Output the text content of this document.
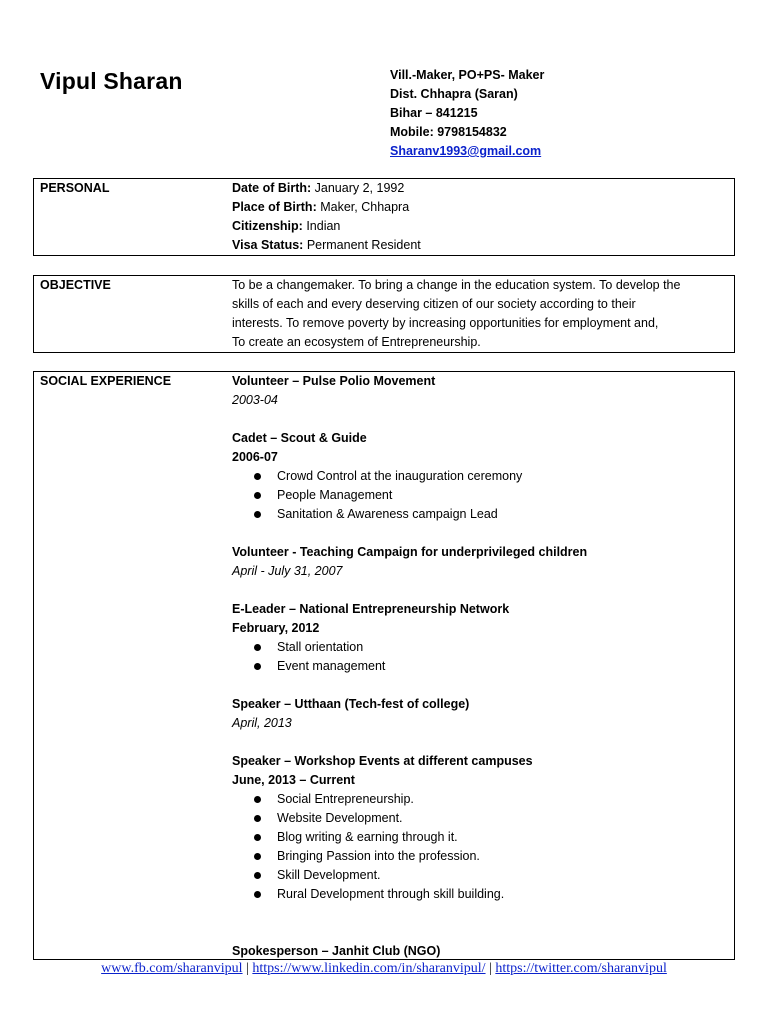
Vipul Sharan	Vill.-Maker, PO+PS- Maker
Dist. Chhapra (Saran)
Bihar – 841215
Mobile: 9798154832
Sharanv1993@gmail.com
PERSONAL	Date of Birth: January 2, 1992
Place of Birth: Maker, Chhapra
Citizenship: Indian
Visa Status: Permanent Resident
OBJECTIVE	To be a changemaker. To bring a change in the education system. To develop the
skills of each and every deserving citizen of our society according to their
interests. To remove poverty by increasing opportunities for employment and,
To create an ecosystem of Entrepreneurship.
SOCIAL EXPERIENCE	Volunteer – Pulse Polio Movement
2003-04
Cadet – Scout & Guide
2006-07
Crowd Control at the inauguration ceremony
People Management
Sanitation & Awareness campaign Lead
Volunteer - Teaching Campaign for underprivileged children
April - July 31, 2007
E-Leader – National Entrepreneurship Network
February, 2012
Stall orientation
Event management
Speaker – Utthaan (Tech-fest of college)
April, 2013
Speaker – Workshop Events at different campuses
June, 2013 – Current
Social Entrepreneurship.
Website Development.
Blog writing & earning through it.
Bringing Passion into the profession.
Skill Development.
Rural Development through skill building.
Spokesperson – Janhit Club (NGO)
www.fb.com/sharanvipul | https://www.linkedin.com/in/sharanvipul/ | https://twitter.com/sharanvipul
